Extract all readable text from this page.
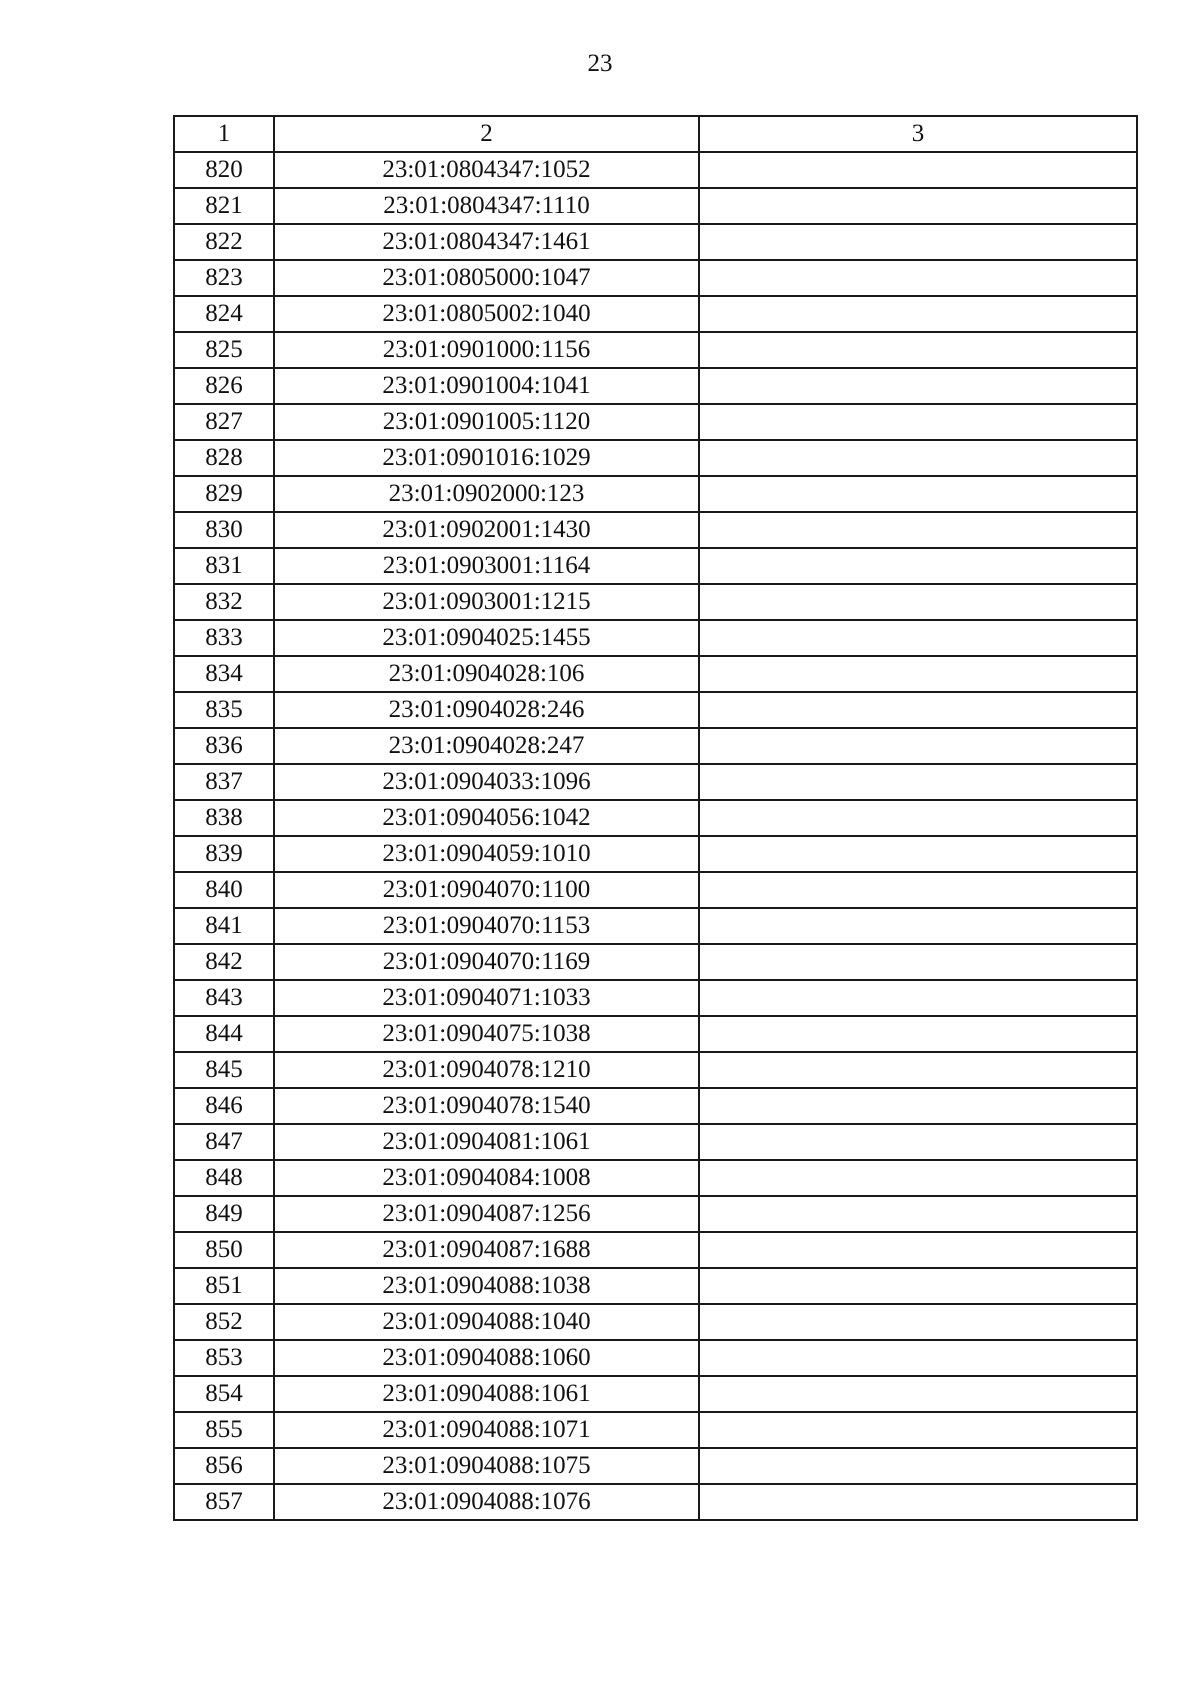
23
1	2	3
820	23:01:0804347:1052	
821	23:01:0804347:1110	
822	23:01:0804347:1461	
823	23:01:0805000:1047	
824	23:01:0805002:1040	
825	23:01:0901000:1156	
826	23:01:0901004:1041	
827	23:01:0901005:1120	
828	23:01:0901016:1029	
829	23:01:0902000:123	
830	23:01:0902001:1430	
831	23:01:0903001:1164	
832	23:01:0903001:1215	
833	23:01:0904025:1455	
834	23:01:0904028:106	
835	23:01:0904028:246	
836	23:01:0904028:247	
837	23:01:0904033:1096	
838	23:01:0904056:1042	
839	23:01:0904059:1010	
840	23:01:0904070:1100	
841	23:01:0904070:1153	
842	23:01:0904070:1169	
843	23:01:0904071:1033	
844	23:01:0904075:1038	
845	23:01:0904078:1210	
846	23:01:0904078:1540	
847	23:01:0904081:1061	
848	23:01:0904084:1008	
849	23:01:0904087:1256	
850	23:01:0904087:1688	
851	23:01:0904088:1038	
852	23:01:0904088:1040	
853	23:01:0904088:1060	
854	23:01:0904088:1061	
855	23:01:0904088:1071	
856	23:01:0904088:1075	
857	23:01:0904088:1076	
